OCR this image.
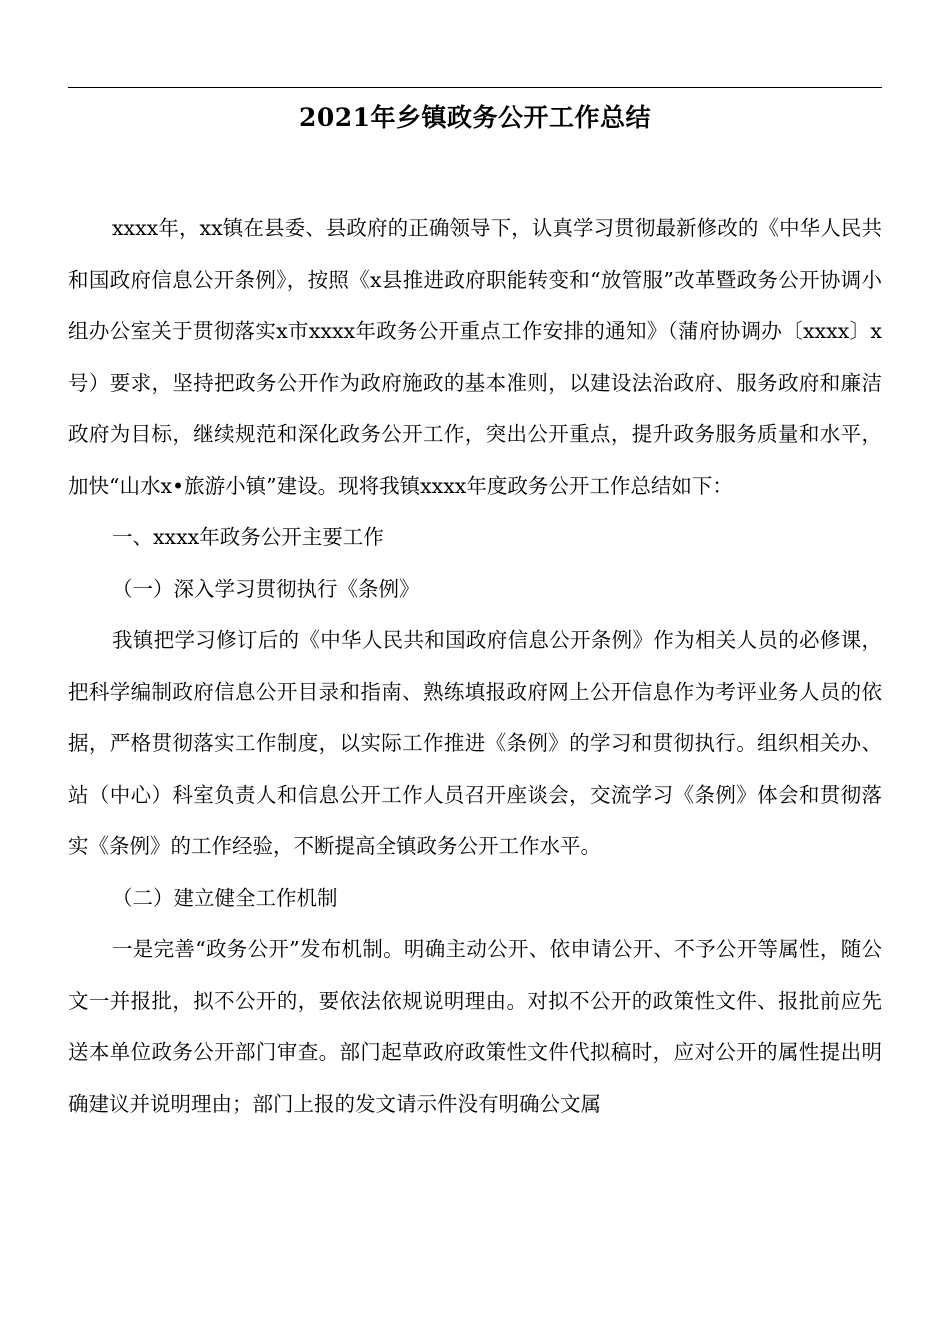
2021年乡镇政务公开工作总结

xxxx年，xx镇在县委、县政府的正确领导下，认真学习贯彻最新修改的《中华人民共和国政府信息公开条例》，按照《x县推进政府职能转变和“放管服”改革暨政务公开协调小组办公室关于贯彻落实x市xxxx年政务公开重点工作安排的通知》（蒲府协调办〔xxxx〕x号）要求，坚持把政务公开作为政府施政的基本准则，以建设法治政府、服务政府和廉洁政府为目标，继续规范和深化政务公开工作，突出公开重点，提升政务服务质量和水平，加快“山水x•旅游小镇”建设。现将我镇xxxx年度政务公开工作总结如下：

一、xxxx年政务公开主要工作

（一）深入学习贯彻执行《条例》

我镇把学习修订后的《中华人民共和国政府信息公开条例》作为相关人员的必修课，把科学编制政府信息公开目录和指南、熟练填报政府网上公开信息作为考评业务人员的依据，严格贯彻落实工作制度，以实际工作推进《条例》的学习和贯彻执行。组织相关办、站（中心）科室负责人和信息公开工作人员召开座谈会，交流学习《条例》体会和贯彻落实《条例》的工作经验，不断提高全镇政务公开工作水平。

（二）建立健全工作机制

一是完善“政务公开”发布机制。明确主动公开、依申请公开、不予公开等属性，随公文一并报批，拟不公开的，要依法依规说明理由。对拟不公开的政策性文件、报批前应先送本单位政务公开部门审查。部门起草政府政策性文件代拟稿时，应对公开的属性提出明确建议并说明理由；部门上报的发文请示件没有明确公文属
